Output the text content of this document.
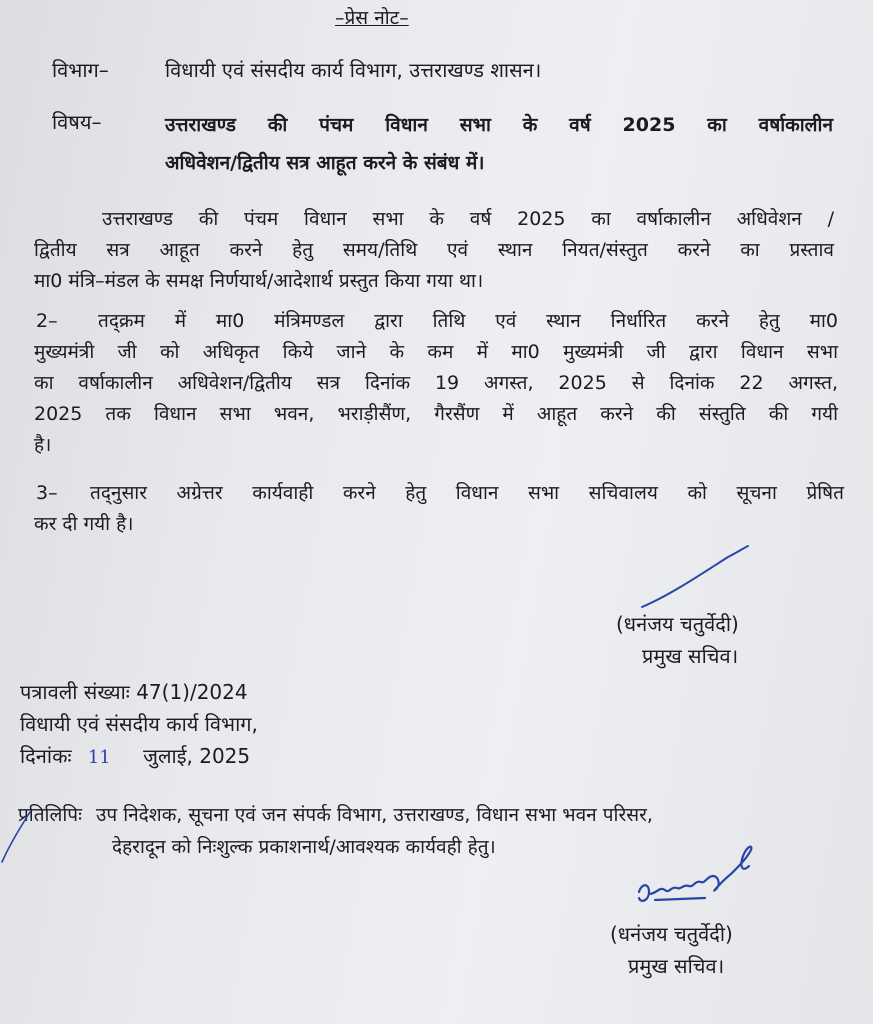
–प्रेस नोट–
विभाग–	विधायी एवं संसदीय कार्य विभाग, उत्तराखण्ड शासन।
विषय–	उत्तराखण्ड की पंचम विधान सभा के वर्ष 2025 का वर्षाकालीन
अधिवेशन/द्वितीय सत्र आहूत करने के संबंध में।
उत्तराखण्ड की पंचम विधान सभा के वर्ष 2025 का वर्षाकालीन अधिवेशन /
द्वितीय सत्र आहूत करने हेतु समय/तिथि एवं स्थान नियत/संस्तुत करने का प्रस्ताव
मा0 मंत्रि–मंडल के समक्ष निर्णयार्थ/आदेशार्थ प्रस्तुत किया गया था।
2–	तद्क्रम में मा0 मंत्रिमण्डल द्वारा तिथि एवं स्थान निर्धारित करने हेतु मा0
मुख्यमंत्री जी को अधिकृत किये जाने के कम में मा0 मुख्यमंत्री जी द्वारा विधान सभा
का वर्षाकालीन अधिवेशन/द्वितीय सत्र दिनांक 19 अगस्त, 2025 से दिनांक 22 अगस्त,
2025 तक विधान सभा भवन, भराड़ीसैंण, गैरसैंण में आहूत करने की संस्तुति की गयी
है।
3–	तद्नुसार अग्रेत्तर कार्यवाही करने हेतु विधान सभा सचिवालय को सूचना प्रेषित
कर दी गयी है।
(धनंजय चतुर्वेदी)
प्रमुख सचिव।
पत्रावली संख्याः 47(1)/2024
विधायी एवं संसदीय कार्य विभाग,
दिनांकः 11 जुलाई, 2025
प्रतिलिपिः उप निदेशक, सूचना एवं जन संपर्क विभाग, उत्तराखण्ड, विधान सभा भवन परिसर,
देहरादून को निःशुल्क प्रकाशनार्थ/आवश्यक कार्यवही हेतु।
(धनंजय चतुर्वेदी)
प्रमुख सचिव।
